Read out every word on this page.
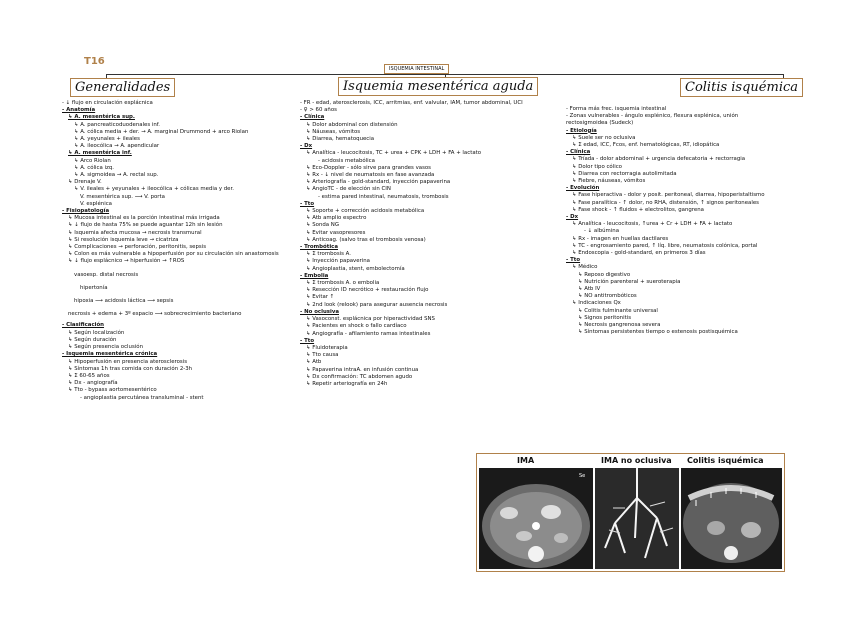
T16
ISQUEMIA INTESTINAL
Generalidades	Isquemia mesentérica aguda	Colitis isquémica
- ↓ flujo en circulación esplácnica
- Anatomía
↳ A. mesentérica sup.
↳ A. pancreaticoduodenales inf.
↳ A. cólica media + der. → A. marginal Drummond + arco Riolan
↳ A. yeyunales + ileales
↳ A. ileocólica → A. apendicular
↳ A. mesentérica inf.
↳ Arco Riolan
↳ A. cólica izq.
↳ A. sigmoidea → A. rectal sup.
↳ Drenaje V.
↳ V. ileales + yeyunales + ileocólica + cólicas media y der.
V. mesentérica sup. ⟶ V. porta
V. esplénica
- Fisiopatología
↳ Mucosa intestinal es la porción intestinal más irrigada
↳ ↓ flujo de hasta 75% se puede aguantar 12h sin lesión
↳ Isquemia afecta mucosa → necrosis transmural
↳ Si resolución isquemia leve → cicatriza
↳ Complicaciones → perforación, peritonitis, sepsis
↳ Colon es más vulnerable a hipoperfusión por su circulación sin anastomosis
↳ ↓ flujo esplácnico → hiperfusión → ↑ROS
vasoesp. distal necrosis
hipertonía
hipoxia ⟶ acidosis láctica ⟶ sepsis
necrosis + edema + 3º espacio ⟶ sobrecrecimiento bacteriano
- Clasificación
↳ Según localización
↳ Según duración
↳ Según presencia oclusión
- Isquemia mesentérica crónica
↳ Hipoperfusión en presencia aterosclerosis
↳ Síntomas 1h tras comida con duración 2-3h
↳ Σ 60-65 años
↳ Dx - angiografía
↳ Tto - bypass aortomesentérico
- angioplastia percutánea transluminal - stent
- FR - edad, aterosclerosis, ICC, arritmias, enf. valvular, IAM, tumor abdominal, UCI
- ♀ > 60 años
- Clínica
↳ Dolor abdominal con distensión
↳ Náuseas, vómitos
↳ Diarrea, hematoquecia
- Dx
↳ Analítica - leucocitosis, TC + urea + CPK + LDH + FA + lactato
- acidosis metabólica
↳ Eco-Doppler - sólo sirve para grandes vasos
↳ Rx - ↓ nivel de neumatosis en fase avanzada
↳ Arteriografía - gold-standard, inyección papaverina
↳ AngioTC - de elección sin CIN
- estima pared intestinal, neumatosis, trombosis
- Tto
↳ Soporte + corrección acidosis metabólica
↳ Atb amplio espectro
↳ Sonda NG
↳ Evitar vasopresores
↳ Anticoag. (salvo tras el trombosis venosa)
- Trombótica
↳ Σ trombosis A.
↳ Inyección papaverina
↳ Angioplastia, stent, embolectomía
- Embolia
↳ Σ trombosis A. o embolia
↳ Resección ID necrótico + restauración flujo
↳ Evitar ↑
↳ 2nd look (relook) para asegurar ausencia necrosis
- No oclusiva
↳ Vasoconst. esplácnica por hiperactividad SNS
↳ Pacientes en shock o fallo cardíaco
↳ Angiografía - afilamiento ramas intestinales
- Tto
↳ Fluidoterapia
↳ Tto causa
↳ Atb
↳ Papaverina intraA. en infusión continua
↳ Dx confirmación: TC abdomen agudo
↳ Repetir arteriografía en 24h
- Forma más frec. isquemia intestinal
- Zonas vulnerables - ángulo esplénico, flexura esplénica, unión rectosigmoidea (Sudeck)
- Etiología
↳ Suele ser no oclusiva
↳ Σ edad, ICC, Fcos, enf. hematológicas, RT, idiopática
- Clínica
↳ Tríada - dolor abdominal + urgencia defecatoria + rectorragia
↳ Dolor tipo cólico
↳ Diarrea con rectorragia autolimitada
↳ Fiebre, náuseas, vómitos
- Evolución
↳ Fase hiperactiva - dolor y posit. peritoneal, diarrea, hipoperistaltismo
↳ Fase paralítica - ↑ dolor, no RHA, distensión, ↑ signos peritoneales
↳ Fase shock - ↑ fluidos + electrolitos, gangrena
- Dx
↳ Analítica - leucocitosis, ↑urea + Cr + LDH + FA + lactato
- ↓ albúmina
↳ Rx - imagen en huellas dactilares
↳ TC - engrosamiento pared, ↑ líq. libre, neumatosis colónica, portal
↳ Endoscopia - gold-standard, en primeros 3 días
- Tto
↳ Médico
↳ Reposo digestivo
↳ Nutrición parenteral + sueroterapia
↳ Atb IV
↳ NO antitrombóticos
↳ Indicaciones Qx
↳ Colitis fulminante universal
↳ Signos peritonitis
↳ Necrosis gangrenosa severa
↳ Síntomas persistentes tiempo o estenosis postisquémica
IMA	IMA no oclusiva Colitis isquémica
Se
